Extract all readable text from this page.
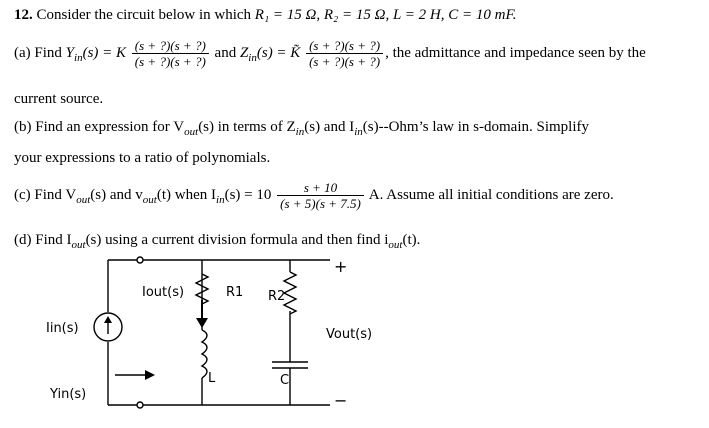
12. Consider the circuit below in which R₁ = 15 Ω, R₂ = 15 Ω, L = 2 H, C = 10 mF.
(a) Find $Y_{in}(s) = K \frac{(s + ?)(s + ?)}{(s + ?)(s + ?)}$ and $Z_{in}(s)$ = K̃ $\frac{(s + ?)(s + ?)}{(s + ?)(s + ?)}$ , the admittance and impedance seen by the
current source.
(b) Find an expression for $V_{out}(s)$ in terms of $Z_{in}(s)$ and $I_{in}(s)--Ohm’s$ law in s-domain. Simplify
your expressions to a ratio of polynomials.
(c) Find $V_{out}(s)$ and $v_{out}(t)$ when $I_{in}(s) = 10 \frac{s + 10}{(s + 5)(s + 7.5)} A$. Assume all initial conditions are zero.
(d) Find $I_{out}(s)$ using a current division formula and then find $i_{out}(t)$.
Iout(s)	R1 R2
Iin(s)
L	C
Yin(s)
Vout(s)
+
−
